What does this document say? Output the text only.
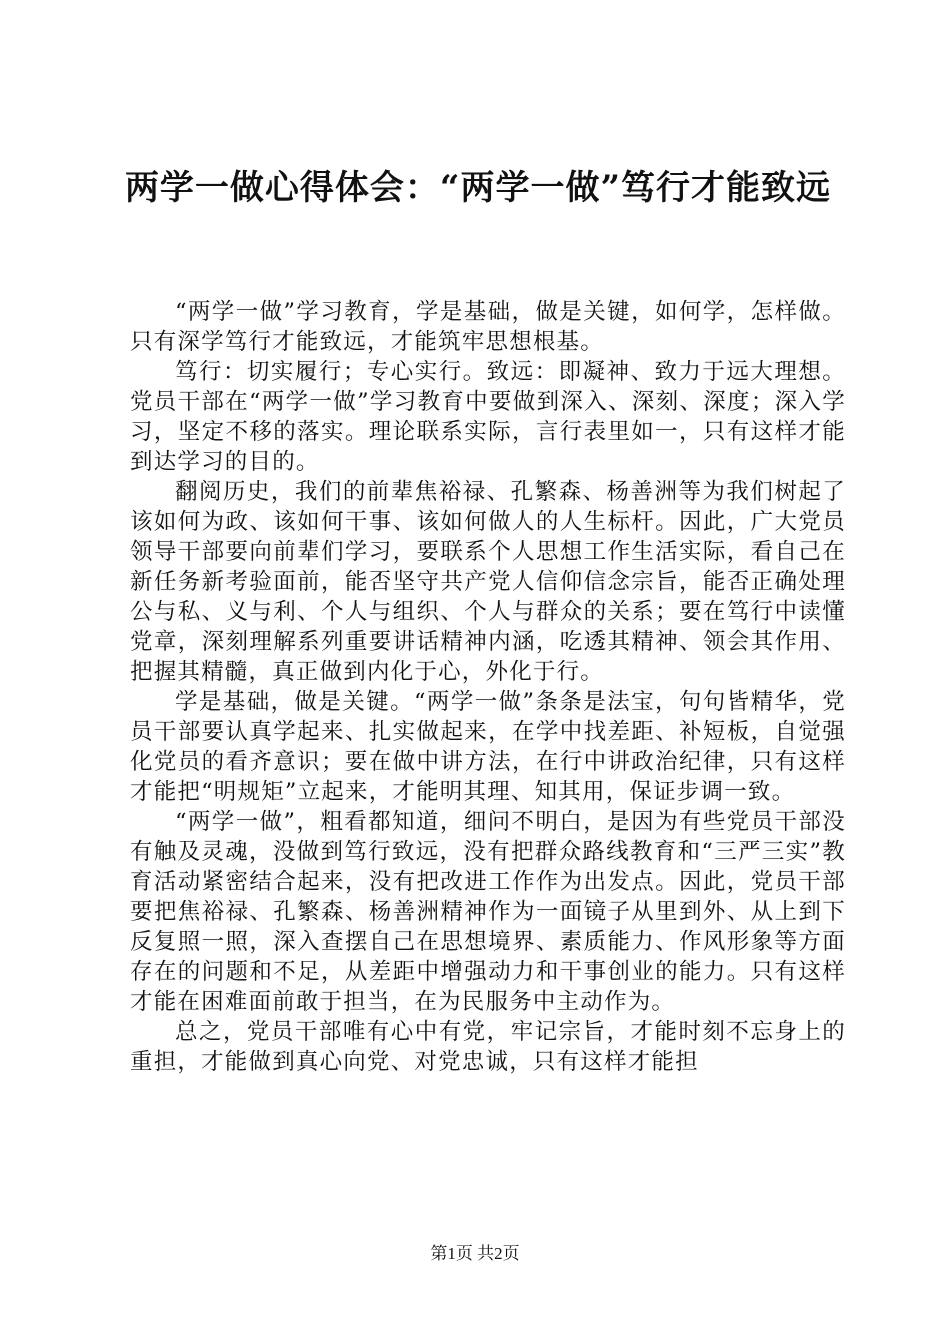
两学一做心得体会：“两学一做”笃行才能致远

“两学一做”学习教育，学是基础，做是关键，如何学，怎样做。只有深学笃行才能致远，才能筑牢思想根基。

笃行：切实履行；专心实行。致远：即凝神、致力于远大理想。党员干部在“两学一做”学习教育中要做到深入、深刻、深度；深入学习，坚定不移的落实。理论联系实际，言行表里如一，只有这样才能到达学习的目的。

翻阅历史，我们的前辈焦裕禄、孔繁森、杨善洲等为我们树起了该如何为政、该如何干事、该如何做人的人生标杆。因此，广大党员领导干部要向前辈们学习，要联系个人思想工作生活实际，看自己在新任务新考验面前，能否坚守共产党人信仰信念宗旨，能否正确处理公与私、义与利、个人与组织、个人与群众的关系；要在笃行中读懂党章，深刻理解系列重要讲话精神内涵，吃透其精神、领会其作用、把握其精髓，真正做到内化于心，外化于行。

学是基础，做是关键。“两学一做”条条是法宝，句句皆精华，党员干部要认真学起来、扎实做起来，在学中找差距、补短板，自觉强化党员的看齐意识；要在做中讲方法，在行中讲政治纪律，只有这样才能把“明规矩”立起来，才能明其理、知其用，保证步调一致。

“两学一做”，粗看都知道，细问不明白，是因为有些党员干部没有触及灵魂，没做到笃行致远，没有把群众路线教育和“三严三实”教育活动紧密结合起来，没有把改进工作作为出发点。因此，党员干部要把焦裕禄、孔繁森、杨善洲精神作为一面镜子从里到外、从上到下反复照一照，深入查摆自己在思想境界、素质能力、作风形象等方面存在的问题和不足，从差距中增强动力和干事创业的能力。只有这样才能在困难面前敢于担当，在为民服务中主动作为。

总之，党员干部唯有心中有党，牢记宗旨，才能时刻不忘身上的重担，才能做到真心向党、对党忠诚，只有这样才能担

第1页 共2页
